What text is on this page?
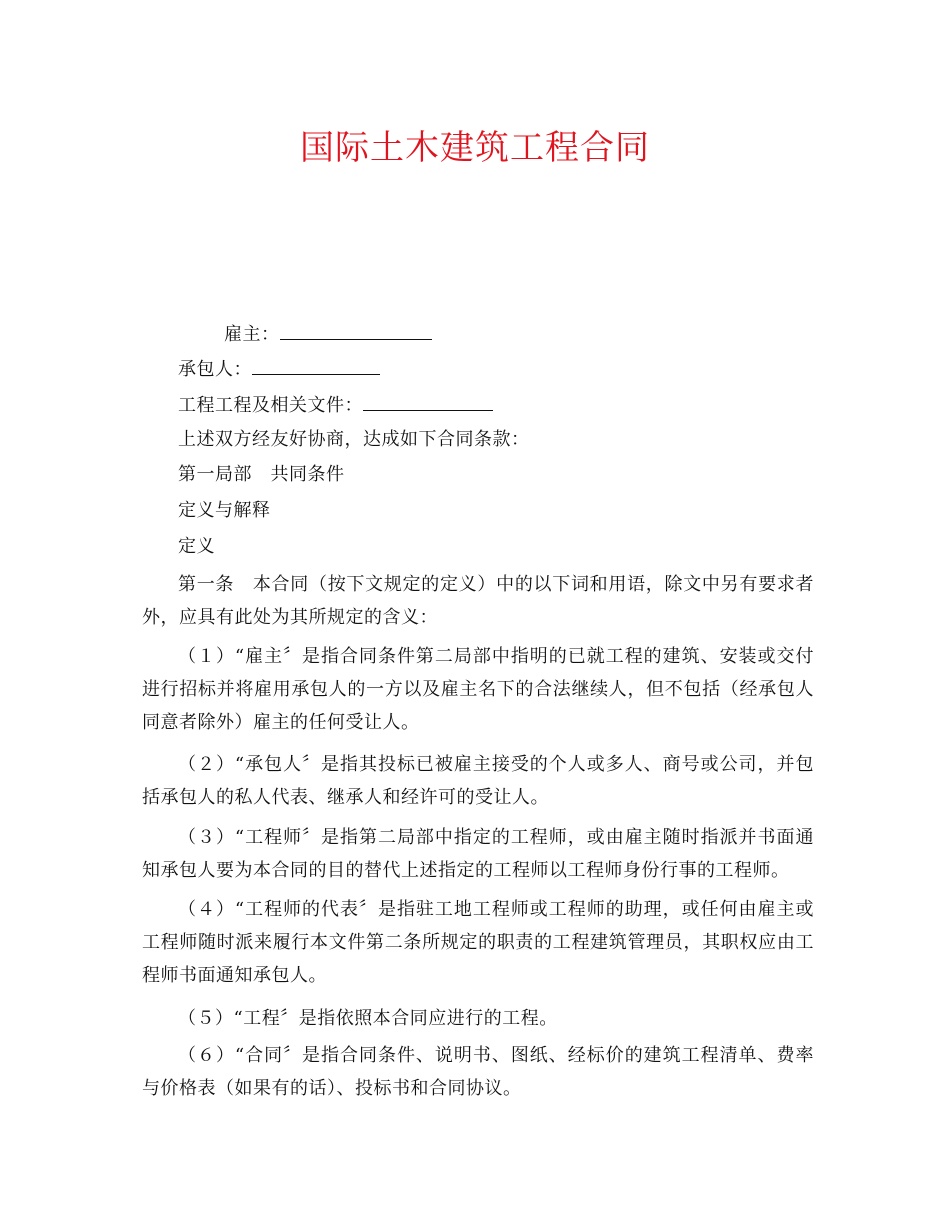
国际土木建筑工程合同
雇主：
承包人：
工程工程及相关文件：
上述双方经友好协商，达成如下合同条款：
第一局部　共同条件
定义与解释
定义
第一条　本合同（按下文规定的定义）中的以下词和用语，除文中另有要求者外，应具有此处为其所规定的含义：
（１）“雇主〞是指合同条件第二局部中指明的已就工程的建筑、安装或交付进行招标并将雇用承包人的一方以及雇主名下的合法继续人，但不包括（经承包人同意者除外）雇主的任何受让人。
（２）“承包人〞是指其投标已被雇主接受的个人或多人、商号或公司，并包括承包人的私人代表、继承人和经许可的受让人。
（３）“工程师〞是指第二局部中指定的工程师，或由雇主随时指派并书面通知承包人要为本合同的目的替代上述指定的工程师以工程师身份行事的工程师。
（４）“工程师的代表〞是指驻工地工程师或工程师的助理，或任何由雇主或工程师随时派来履行本文件第二条所规定的职责的工程建筑管理员，其职权应由工程师书面通知承包人。
（５）“工程〞是指依照本合同应进行的工程。
（６）“合同〞是指合同条件、说明书、图纸、经标价的建筑工程清单、费率与价格表（如果有的话）、投标书和合同协议。
